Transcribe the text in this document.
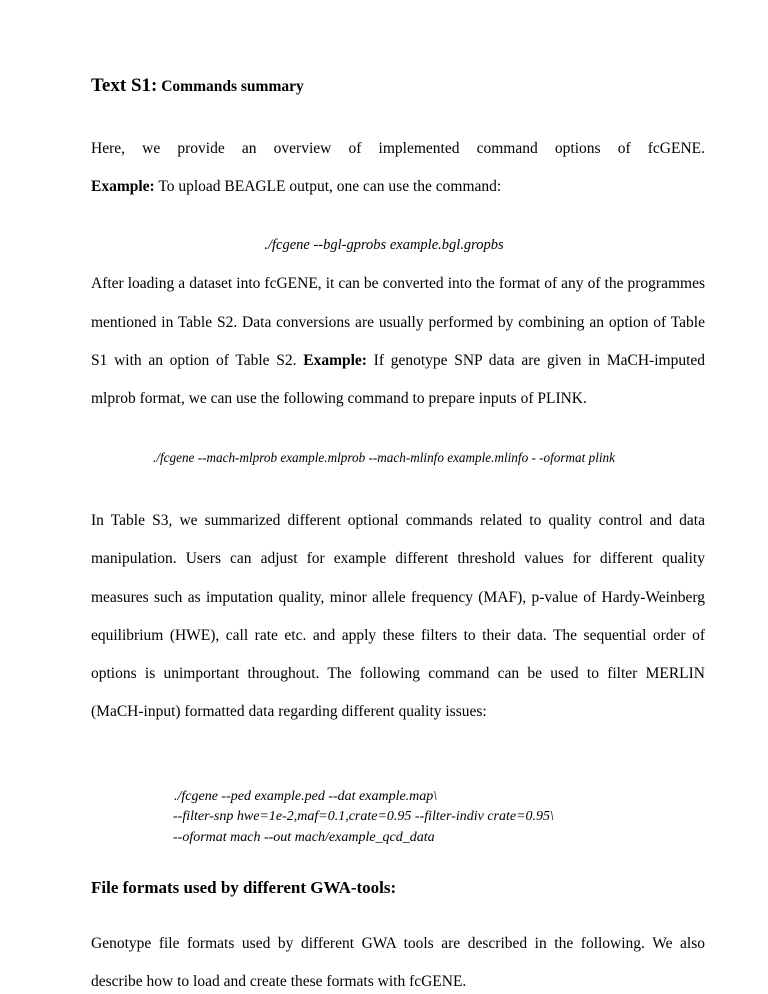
Text S1: Commands summary
Here, we provide an overview of implemented command options of fcGENE.
Example: To upload BEAGLE output, one can use the command:
./fcgene --bgl-gprobs example.bgl.gropbs
After loading a dataset into fcGENE, it can be converted into the format of any of the programmes
mentioned in Table S2. Data conversions are usually performed by combining an option of Table
S1 with an option of Table S2. Example: If genotype SNP data are given in MaCH-imputed
mlprob format, we can use the following command to prepare inputs of PLINK.
./fcgene --mach-mlprob example.mlprob --mach-mlinfo example.mlinfo - -oformat plink
In Table S3, we summarized different optional commands related to quality control and data
manipulation. Users can adjust for example different threshold values for different quality
measures such as imputation quality, minor allele frequency (MAF), p-value of Hardy-Weinberg
equilibrium (HWE), call rate etc. and apply these filters to their data. The sequential order of
options is unimportant throughout. The following command can be used to filter MERLIN
(MaCH-input) formatted data regarding different quality issues:
./fcgene --ped example.ped --dat example.map\
--filter-snp hwe=1e-2,maf=0.1,crate=0.95 --filter-indiv crate=0.95\
--oformat mach --out mach/example_qcd_data
File formats used by different GWA-tools:
Genotype file formats used by different GWA tools are described in the following. We also
describe how to load and create these formats with fcGENE.
